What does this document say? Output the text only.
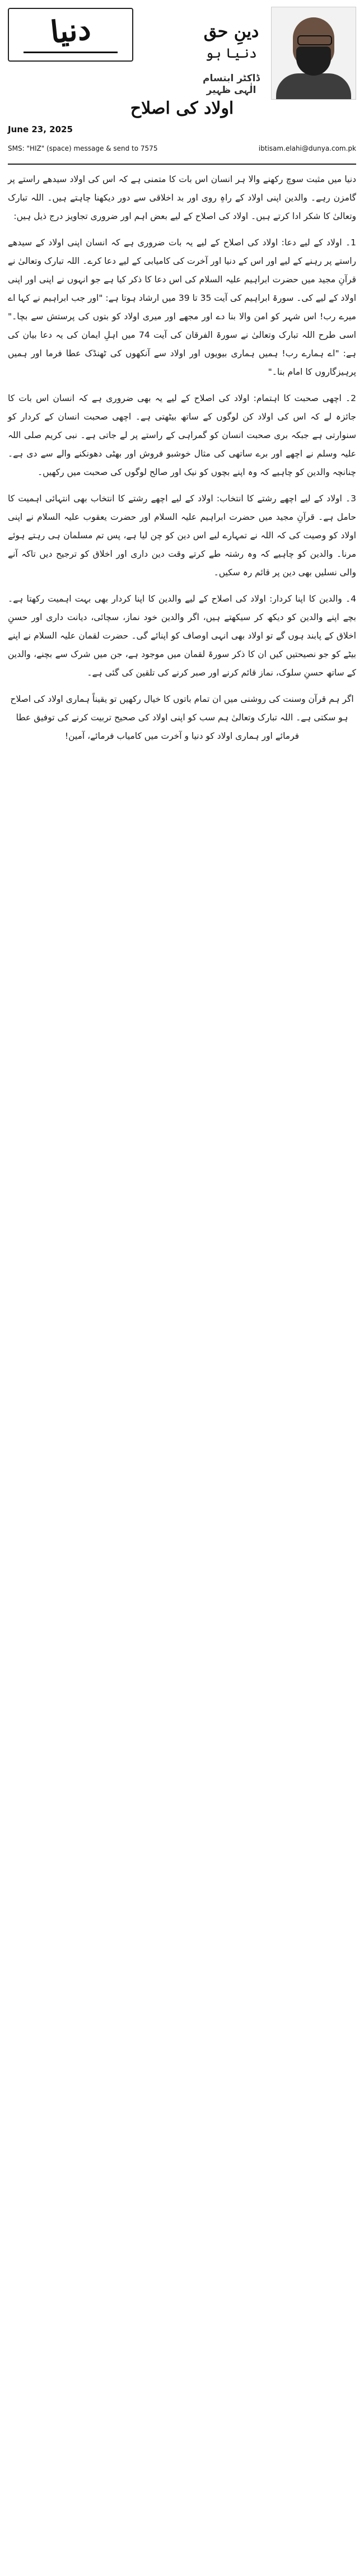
دنیا	دینِ حق
دنیا ہو
ڈاکٹر ابتسام الٰہی ظہیر
اولاد کی اصلاح
June 23, 2025
SMS: "HIZ" (space) message & send to 7575	ibtisam.elahi@dunya.com.pk

دنیا میں مثبت سوچ رکھنے والا ہر انسان اس بات کا متمنی ہے کہ اس کی اولاد سیدھے راستے پر گامزن رہے۔ والدین اپنی اولاد کے راہِ روی اور بد اخلاقی سے دور دیکھنا چاہتے ہیں۔ اللہ تبارک وتعالیٰ کا شکر ادا کرتے ہیں۔ اولاد کی اصلاح کے لیے بعض اہم اور ضروری تجاویز درج ذیل ہیں:

1۔ اولاد کے لیے دعا: اولاد کی اصلاح کے لیے یہ بات ضروری ہے کہ انسان اپنی اولاد کے سیدھے راستے پر رہنے کے لیے اور اس کے دنیا اور آخرت کی کامیابی کے لیے دعا کرے۔ اللہ تبارک وتعالیٰ نے قرآنِ مجید میں حضرت ابراہیم علیہ السلام کی اس دعا کا ذکر کیا ہے جو انہوں نے اپنی اور اپنی اولاد کے لیے کی۔ سورۃ ابراہیم کی آیت 35 تا 39 میں ارشاد ہوتا ہے: "اور جب ابراہیم نے کہا اے میرے رب! اس شہر کو امن والا بنا دے اور مجھے اور میری اولاد کو بتوں کی پرستش سے بچا۔" اسی طرح اللہ تبارک وتعالیٰ نے سورۃ الفرقان کی آیت 74 میں اہلِ ایمان کی یہ دعا بیان کی ہے: "اے ہمارے رب! ہمیں ہماری بیویوں اور اولاد سے آنکھوں کی ٹھنڈک عطا فرما اور ہمیں پرہیزگاروں کا امام بنا۔"

2۔ اچھی صحبت کا اہتمام: اولاد کی اصلاح کے لیے یہ بھی ضروری ہے کہ انسان اس بات کا جائزہ لے کہ اس کی اولاد کن لوگوں کے ساتھ بیٹھتی ہے۔ اچھی صحبت انسان کے کردار کو سنوارتی ہے جبکہ بری صحبت انسان کو گمراہی کے راستے پر لے جاتی ہے۔ نبی کریم صلی اللہ علیہ وسلم نے اچھے اور برے ساتھی کی مثال خوشبو فروش اور بھٹی دھونکنے والے سے دی ہے۔ چنانچہ والدین کو چاہیے کہ وہ اپنے بچوں کو نیک اور صالح لوگوں کی صحبت میں رکھیں۔

3۔ اولاد کے لیے اچھے رشتے کا انتخاب: اولاد کے لیے اچھے رشتے کا انتخاب بھی انتہائی اہمیت کا حامل ہے۔ قرآنِ مجید میں حضرت ابراہیم علیہ السلام اور حضرت یعقوب علیہ السلام نے اپنی اولاد کو وصیت کی کہ اللہ نے تمہارے لیے اس دین کو چن لیا ہے، پس تم مسلمان ہی رہتے ہوئے مرنا۔ والدین کو چاہیے کہ وہ رشتہ طے کرتے وقت دین داری اور اخلاق کو ترجیح دیں تاکہ آنے والی نسلیں بھی دین پر قائم رہ سکیں۔

4۔ والدین کا اپنا کردار: اولاد کی اصلاح کے لیے والدین کا اپنا کردار بھی بہت اہمیت رکھتا ہے۔ بچے اپنے والدین کو دیکھ کر سیکھتے ہیں، اگر والدین خود نماز، سچائی، دیانت داری اور حسنِ اخلاق کے پابند ہوں گے تو اولاد بھی انہی اوصاف کو اپنائے گی۔ حضرت لقمان علیہ السلام نے اپنے بیٹے کو جو نصیحتیں کیں ان کا ذکر سورۃ لقمان میں موجود ہے، جن میں شرک سے بچنے، والدین کے ساتھ حسنِ سلوک، نماز قائم کرنے اور صبر کرنے کی تلقین کی گئی ہے۔

اگر ہم قرآن وسنت کی روشنی میں ان تمام باتوں کا خیال رکھیں تو یقیناً ہماری اولاد کی اصلاح ہو سکتی ہے۔ اللہ تبارک وتعالیٰ ہم سب کو اپنی اولاد کی صحیح تربیت کرنے کی توفیق عطا فرمائے اور ہماری اولاد کو دنیا و آخرت میں کامیاب فرمائے، آمین!
